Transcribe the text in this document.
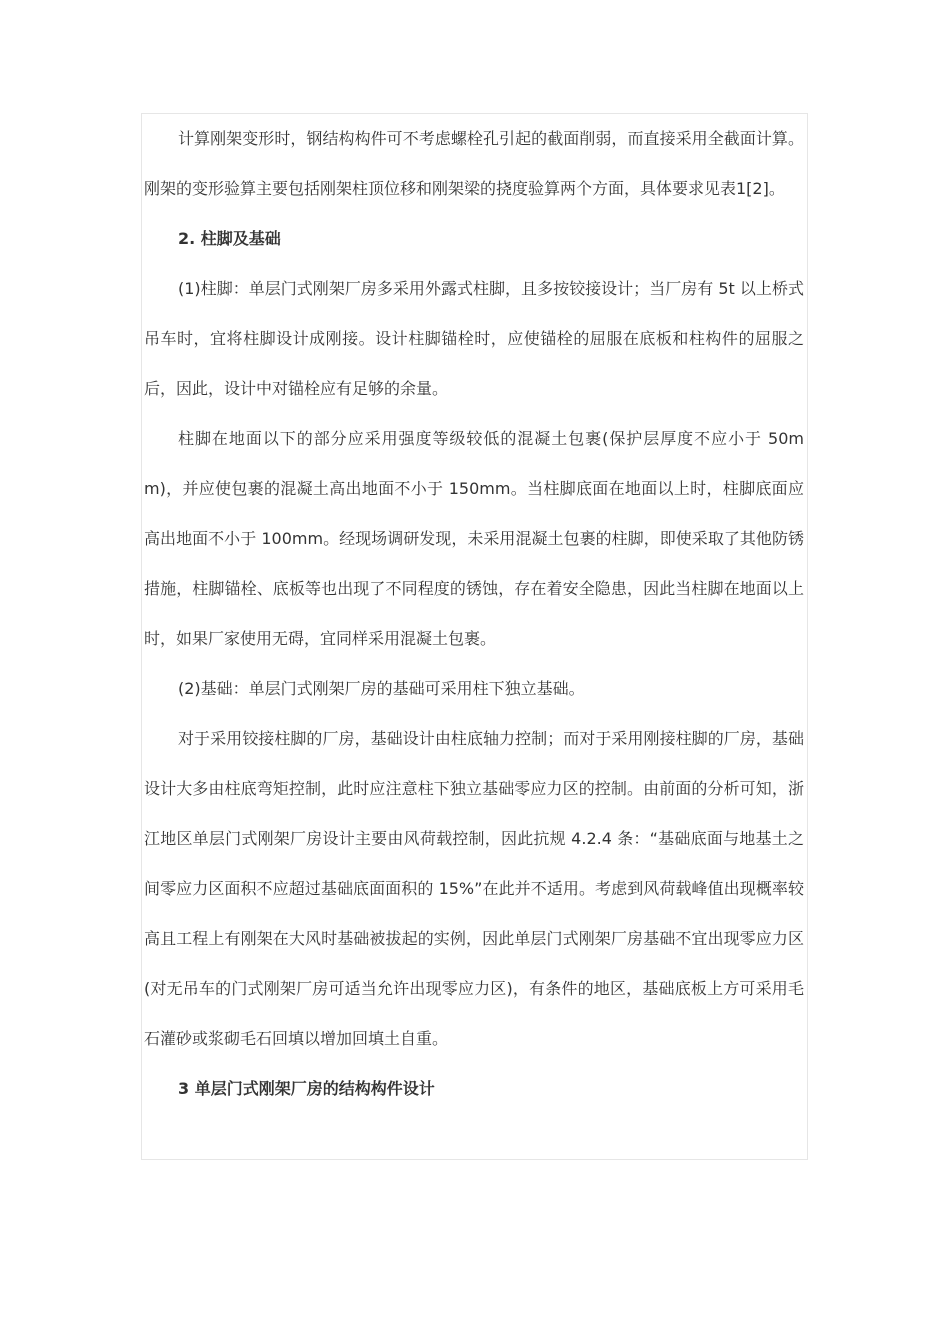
计算刚架变形时，钢结构构件可不考虑螺栓孔引起的截面削弱，而直接采用全截面计算。刚架的变形验算主要包括刚架柱顶位移和刚架梁的挠度验算两个方面，具体要求见表1[2]。

2. 柱脚及基础

(1)柱脚：单层门式刚架厂房多采用外露式柱脚，且多按铰接设计；当厂房有 5t 以上桥式吊车时，宜将柱脚设计成刚接。设计柱脚锚栓时，应使锚栓的屈服在底板和柱构件的屈服之后，因此，设计中对锚栓应有足够的余量。

柱脚在地面以下的部分应采用强度等级较低的混凝土包裹(保护层厚度不应小于 50mm)，并应使包裹的混凝土高出地面不小于 150mm。当柱脚底面在地面以上时，柱脚底面应高出地面不小于 100mm。经现场调研发现，未采用混凝土包裹的柱脚，即使采取了其他防锈措施，柱脚锚栓、底板等也出现了不同程度的锈蚀，存在着安全隐患，因此当柱脚在地面以上时，如果厂家使用无碍，宜同样采用混凝土包裹。

(2)基础：单层门式刚架厂房的基础可采用柱下独立基础。

对于采用铰接柱脚的厂房，基础设计由柱底轴力控制；而对于采用刚接柱脚的厂房，基础设计大多由柱底弯矩控制，此时应注意柱下独立基础零应力区的控制。由前面的分析可知，浙江地区单层门式刚架厂房设计主要由风荷载控制，因此抗规 4.2.4 条：“基础底面与地基土之间零应力区面积不应超过基础底面面积的 15%”在此并不适用。考虑到风荷载峰值出现概率较高且工程上有刚架在大风时基础被拔起的实例，因此单层门式刚架厂房基础不宜出现零应力区(对无吊车的门式刚架厂房可适当允许出现零应力区)，有条件的地区，基础底板上方可采用毛石灌砂或浆砌毛石回填以增加回填土自重。

3 单层门式刚架厂房的结构构件设计
